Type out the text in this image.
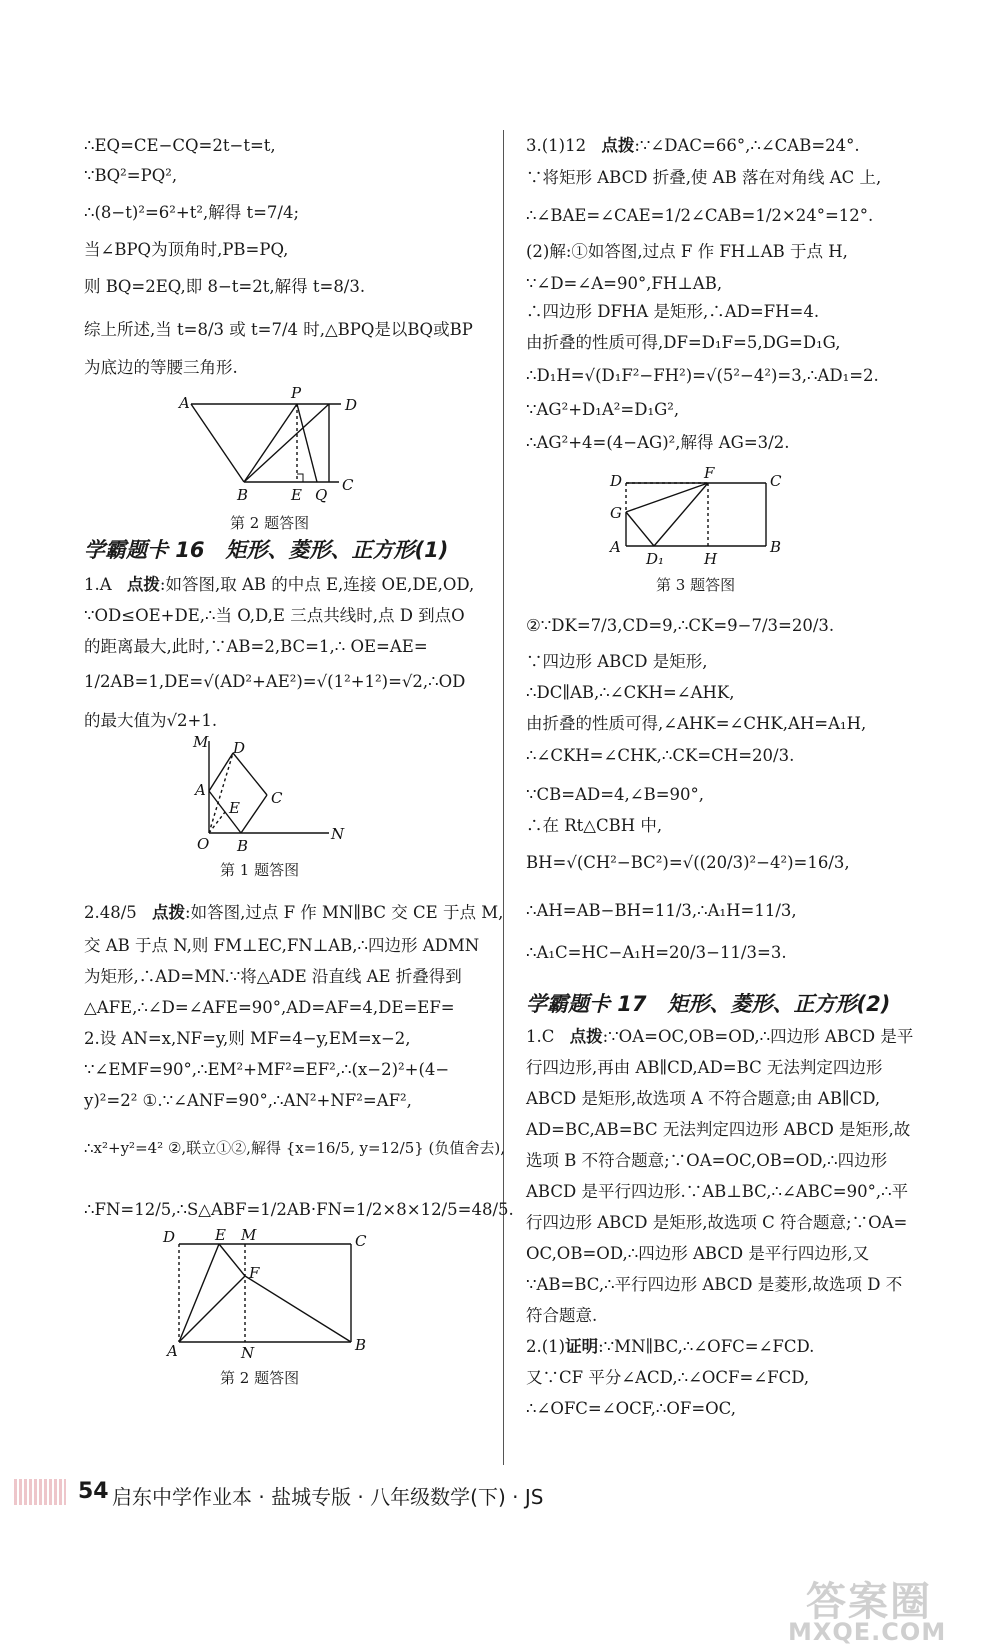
∴EQ=CE−CQ=2t−t=t,
∵BQ²=PQ²,
∴(8−t)²=6²+t²,解得 t=7/4;
当∠BPQ为顶角时,PB=PQ,
则 BQ=2EQ,即 8−t=2t,解得 t=8/3.
综上所述,当 t=8/3 或 t=7/4 时,△BPQ是以BQ或BP
为底边的等腰三角形.
A
P
D
B	E Q
C
第 2 题答图
学霸题卡 16　矩形、菱形、正方形(1)
1.A 点拨:如答图,取 AB 的中点 E,连接 OE,DE,OD,
∵OD≤OE+DE,∴当 O,D,E 三点共线时,点 D 到点O
的距离最大,此时,∵AB=2,BC=1,∴ OE=AE=
1/2AB=1,DE=√(AD²+AE²)=√(1²+1²)=√2,∴OD
的最大值为√2+1.
M D
A
E
C
O B
N
第 1 题答图
2.48/5 点拨:如答图,过点 F 作 MN∥BC 交 CE 于点 M,
交 AB 于点 N,则 FM⊥EC,FN⊥AB,∴四边形 ADMN
为矩形,∴AD=MN.∵将△ADE 沿直线 AE 折叠得到
△AFE,∴∠D=∠AFE=90°,AD=AF=4,DE=EF=
2.设 AN=x,NF=y,则 MF=4−y,EM=x−2,
∵∠EMF=90°,∴EM²+MF²=EF²,∴(x−2)²+(4−
y)²=2² ①.∵∠ANF=90°,∴AN²+NF²=AF²,
∴x²+y²=4² ②,联立①②,解得 {x=16/5, y=12/5} (负值舍去),
∴FN=12/5,∴S△ABF=1/2AB·FN=1/2×8×12/5=48/5.
D	E M	C
F
A	N	B
第 2 题答图
3.(1)12 点拨:∵∠DAC=66°,∴∠CAB=24°.
∵将矩形 ABCD 折叠,使 AB 落在对角线 AC 上,
∴∠BAE=∠CAE=1/2∠CAB=1/2×24°=12°.
(2)解:①如答图,过点 F 作 FH⊥AB 于点 H,
∵∠D=∠A=90°,FH⊥AB,
∴四边形 DFHA 是矩形,∴AD=FH=4.
由折叠的性质可得,DF=D₁F=5,DG=D₁G,
∴D₁H=√(D₁F²−FH²)=√(5²−4²)=3,∴AD₁=2.
∵AG²+D₁A²=D₁G²,
∴AG²+4=(4−AG)²,解得 AG=3/2.
D	F	C
G
A
D₁	H
B
第 3 题答图
②∵DK=7/3,CD=9,∴CK=9−7/3=20/3.
∵四边形 ABCD 是矩形,
∴DC∥AB,∴∠CKH=∠AHK,
由折叠的性质可得,∠AHK=∠CHK,AH=A₁H,
∴∠CKH=∠CHK,∴CK=CH=20/3.
∵CB=AD=4,∠B=90°,
∴在 Rt△CBH 中,
BH=√(CH²−BC²)=√((20/3)²−4²)=16/3,
∴AH=AB−BH=11/3,∴A₁H=11/3,
∴A₁C=HC−A₁H=20/3−11/3=3.
学霸题卡 17　矩形、菱形、正方形(2)
1.C 点拨:∵OA=OC,OB=OD,∴四边形 ABCD 是平
行四边形,再由 AB∥CD,AD=BC 无法判定四边形
ABCD 是矩形,故选项 A 不符合题意;由 AB∥CD,
AD=BC,AB=BC 无法判定四边形 ABCD 是矩形,故
选项 B 不符合题意;∵OA=OC,OB=OD,∴四边形
ABCD 是平行四边形.∵AB⊥BC,∴∠ABC=90°,∴平
行四边形 ABCD 是矩形,故选项 C 符合题意;∵OA=
OC,OB=OD,∴四边形 ABCD 是平行四边形,又
∵AB=BC,∴平行四边形 ABCD 是菱形,故选项 D 不
符合题意.
2.(1)证明:∵MN∥BC,∴∠OFC=∠FCD.
又∵CF 平分∠ACD,∴∠OCF=∠FCD,
∴∠OFC=∠OCF,∴OF=OC,
54 启东中学作业本 · 盐城专版 · 八年级数学(下) · JS
答案圈
MXQE.COM
